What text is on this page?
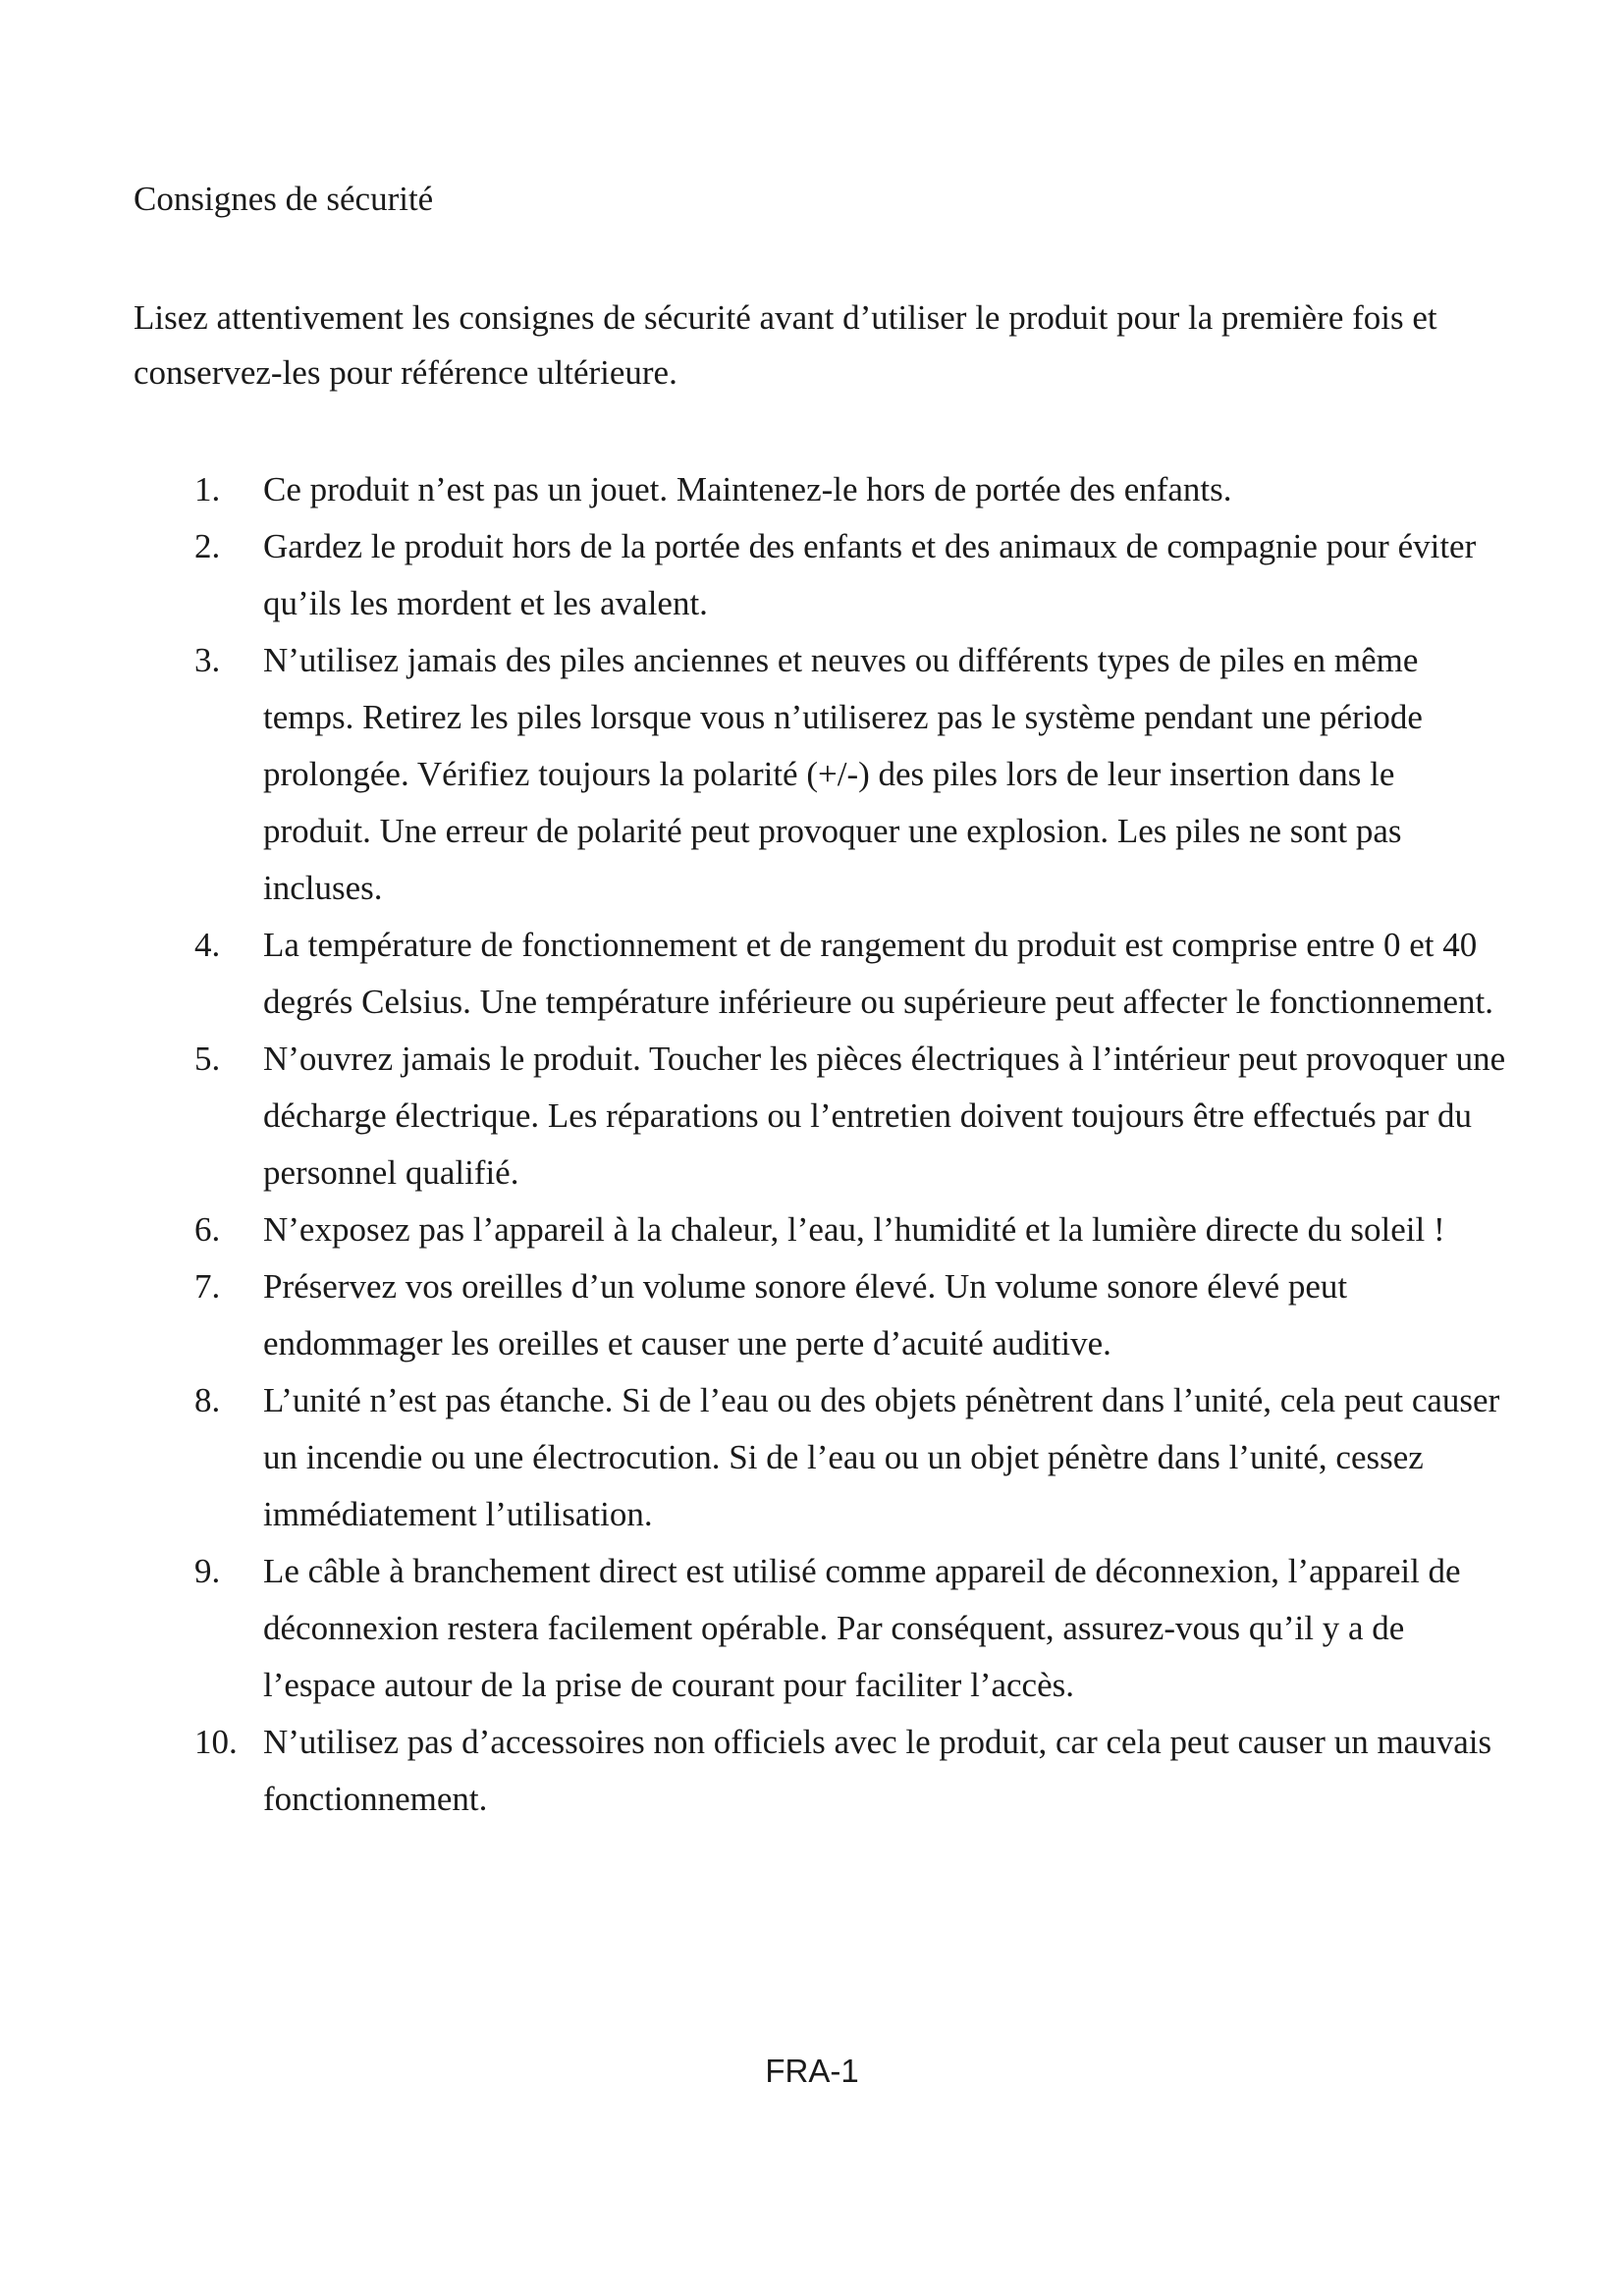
Consignes de sécurité

Lisez attentivement les consignes de sécurité avant d’utiliser le produit pour la première fois et conservez-les pour référence ultérieure.

1.	Ce produit n’est pas un jouet. Maintenez-le hors de portée des enfants.
2.	Gardez le produit hors de la portée des enfants et des animaux de compagnie pour éviter qu’ils les mordent et les avalent.
3.	N’utilisez jamais des piles anciennes et neuves ou différents types de piles en même temps. Retirez les piles lorsque vous n’utiliserez pas le système pendant une période prolongée. Vérifiez toujours la polarité (+/-) des piles lors de leur insertion dans le produit. Une erreur de polarité peut provoquer une explosion. Les piles ne sont pas incluses.
4.	La température de fonctionnement et de rangement du produit est comprise entre 0 et 40 degrés Celsius. Une température inférieure ou supérieure peut affecter le fonctionnement.
5.	N’ouvrez jamais le produit. Toucher les pièces électriques à l’intérieur peut provoquer une décharge électrique. Les réparations ou l’entretien doivent toujours être effectués par du personnel qualifié.
6.	N’exposez pas l’appareil à la chaleur, l’eau, l’humidité et la lumière directe du soleil !
7.	Préservez vos oreilles d’un volume sonore élevé. Un volume sonore élevé peut endommager les oreilles et causer une perte d’acuité auditive.
8.	L’unité n’est pas étanche. Si de l’eau ou des objets pénètrent dans l’unité, cela peut causer un incendie ou une électrocution. Si de l’eau ou un objet pénètre dans l’unité, cessez immédiatement l’utilisation.
9.	Le câble à branchement direct est utilisé comme appareil de déconnexion, l’appareil de déconnexion restera facilement opérable. Par conséquent, assurez-vous qu’il y a de l’espace autour de la prise de courant pour faciliter l’accès.
10. N’utilisez pas d’accessoires non officiels avec le produit, car cela peut causer un mauvais fonctionnement.
FRA-1
